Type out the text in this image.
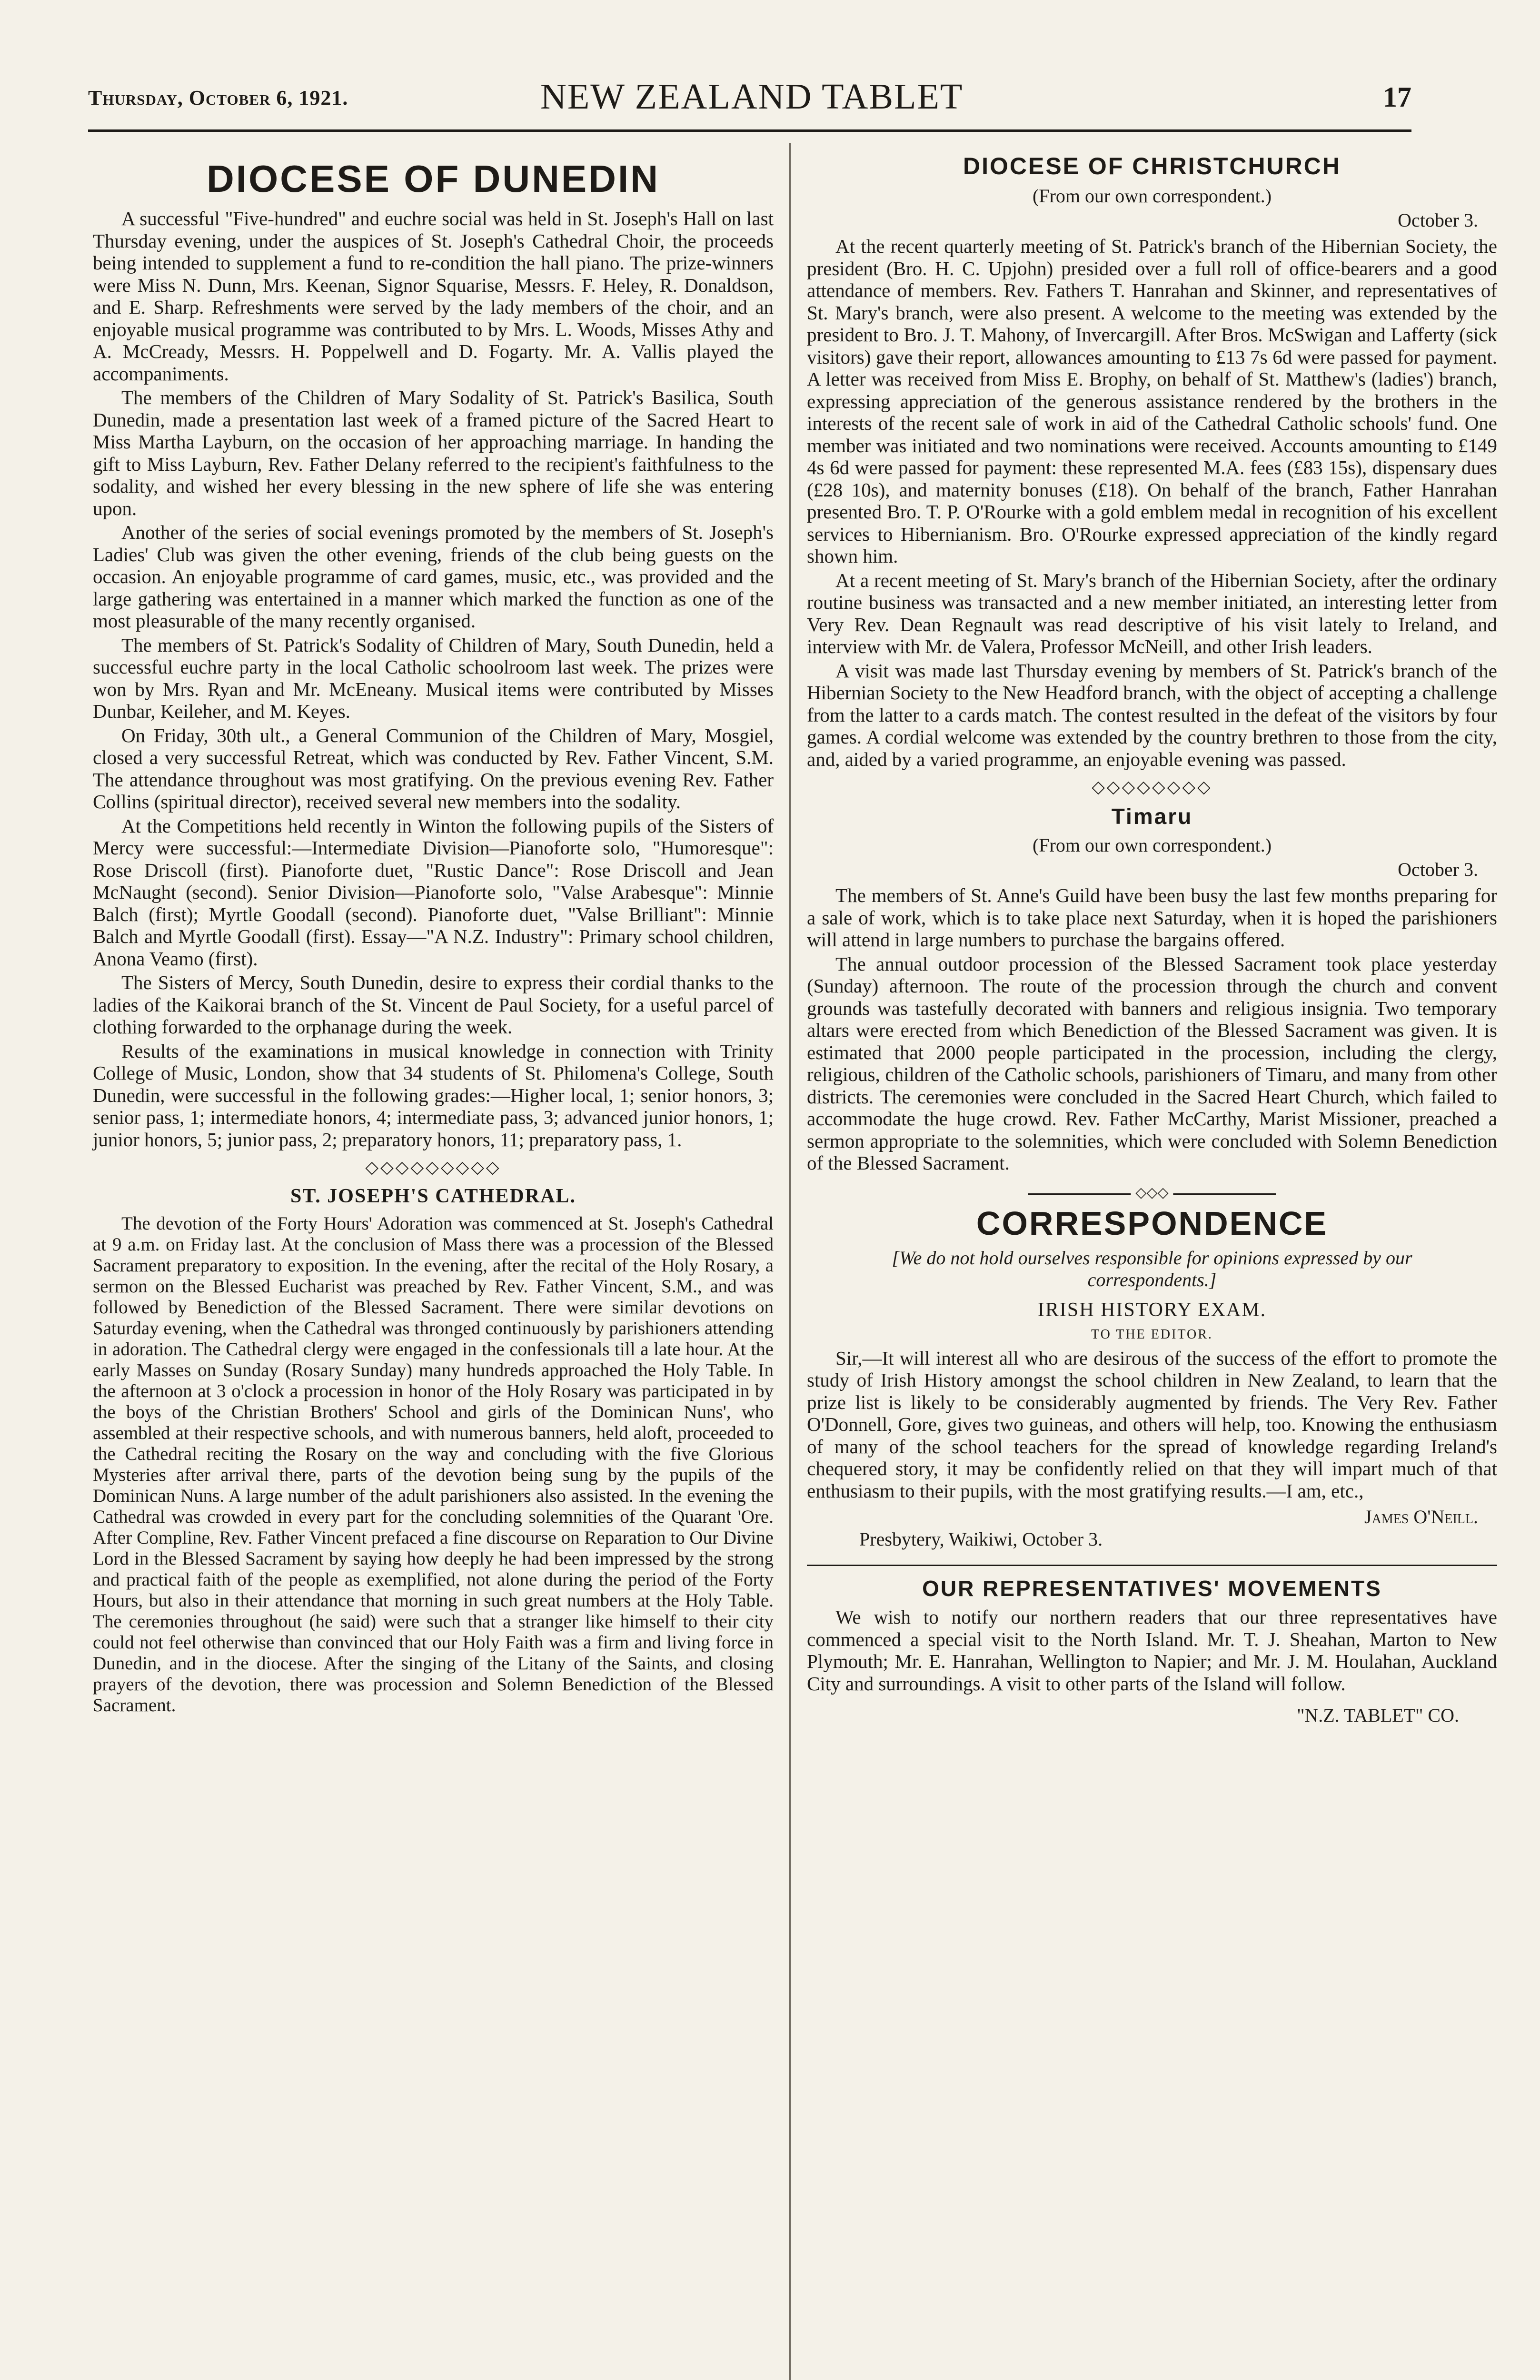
Thursday, October 6, 1921.	NEW ZEALAND TABLET	17
DIOCESE OF DUNEDIN

A successful "Five-hundred" and euchre social was held in St. Joseph's Hall on last Thursday evening, under the auspices of St. Joseph's Cathedral Choir, the proceeds being intended to supplement a fund to re-condition the hall piano. The prize-winners were Miss N. Dunn, Mrs. Keenan, Signor Squarise, Messrs. F. Heley, R. Donaldson, and E. Sharp. Refreshments were served by the lady members of the choir, and an enjoyable musical programme was contributed to by Mrs. L. Woods, Misses Athy and A. McCready, Messrs. H. Poppelwell and D. Fogarty. Mr. A. Vallis played the accompaniments.

The members of the Children of Mary Sodality of St. Patrick's Basilica, South Dunedin, made a presentation last week of a framed picture of the Sacred Heart to Miss Martha Layburn, on the occasion of her approaching marriage. In handing the gift to Miss Layburn, Rev. Father Delany referred to the recipient's faithfulness to the sodality, and wished her every blessing in the new sphere of life she was entering upon.

Another of the series of social evenings promoted by the members of St. Joseph's Ladies' Club was given the other evening, friends of the club being guests on the occasion. An enjoyable programme of card games, music, etc., was provided and the large gathering was entertained in a manner which marked the function as one of the most pleasurable of the many recently organised.

The members of St. Patrick's Sodality of Children of Mary, South Dunedin, held a successful euchre party in the local Catholic schoolroom last week. The prizes were won by Mrs. Ryan and Mr. McEneany. Musical items were contributed by Misses Dunbar, Keileher, and M. Keyes.

On Friday, 30th ult., a General Communion of the Children of Mary, Mosgiel, closed a very successful Retreat, which was conducted by Rev. Father Vincent, S.M. The attendance throughout was most gratifying. On the previous evening Rev. Father Collins (spiritual director), received several new members into the sodality.

At the Competitions held recently in Winton the following pupils of the Sisters of Mercy were successful:—Intermediate Division—Pianoforte solo, "Humoresque": Rose Driscoll (first). Pianoforte duet, "Rustic Dance": Rose Driscoll and Jean McNaught (second). Senior Division—Pianoforte solo, "Valse Arabesque": Minnie Balch (first); Myrtle Goodall (second). Pianoforte duet, "Valse Brilliant": Minnie Balch and Myrtle Goodall (first). Essay—"A N.Z. Industry": Primary school children, Anona Veamo (first).

The Sisters of Mercy, South Dunedin, desire to express their cordial thanks to the ladies of the Kaikorai branch of the St. Vincent de Paul Society, for a useful parcel of clothing forwarded to the orphanage during the week.

Results of the examinations in musical knowledge in connection with Trinity College of Music, London, show that 34 students of St. Philomena's College, South Dunedin, were successful in the following grades:—Higher local, 1; senior honors, 3; senior pass, 1; intermediate honors, 4; intermediate pass, 3; advanced junior honors, 1; junior honors, 5; junior pass, 2; preparatory honors, 11; preparatory pass, 1.

◇◇◇◇◇◇◇◇◇
ST. JOSEPH'S CATHEDRAL.

The devotion of the Forty Hours' Adoration was commenced at St. Joseph's Cathedral at 9 a.m. on Friday last. At the conclusion of Mass there was a procession of the Blessed Sacrament preparatory to exposition. In the evening, after the recital of the Holy Rosary, a sermon on the Blessed Eucharist was preached by Rev. Father Vincent, S.M., and was followed by Benediction of the Blessed Sacrament. There were similar devotions on Saturday evening, when the Cathedral was thronged continuously by parishioners attending in adoration. The Cathedral clergy were engaged in the confessionals till a late hour. At the early Masses on Sunday (Rosary Sunday) many hundreds approached the Holy Table. In the afternoon at 3 o'clock a procession in honor of the Holy Rosary was participated in by the boys of the Christian Brothers' School and girls of the Dominican Nuns', who assembled at their respective schools, and with numerous banners, held aloft, proceeded to the Cathedral reciting the Rosary on the way and concluding with the five Glorious Mysteries after arrival there, parts of the devotion being sung by the pupils of the Dominican Nuns. A large number of the adult parishioners also assisted. In the evening the Cathedral was crowded in every part for the concluding solemnities of the Quarant 'Ore. After Compline, Rev. Father Vincent prefaced a fine discourse on Reparation to Our Divine Lord in the Blessed Sacrament by saying how deeply he had been impressed by the strong and practical faith of the people as exemplified, not alone during the period of the Forty Hours, but also in their attendance that morning in such great numbers at the Holy Table. The ceremonies throughout (he said) were such that a stranger like himself to their city could not feel otherwise than convinced that our Holy Faith was a firm and living force in Dunedin, and in the diocese. After the singing of the Litany of the Saints, and closing prayers of the devotion, there was procession and Solemn Benediction of the Blessed Sacrament.

DIOCESE OF CHRISTCHURCH
(From our own correspondent.)
October 3.

At the recent quarterly meeting of St. Patrick's branch of the Hibernian Society, the president (Bro. H. C. Upjohn) presided over a full roll of office-bearers and a good attendance of members. Rev. Fathers T. Hanrahan and Skinner, and representatives of St. Mary's branch, were also present. A welcome to the meeting was extended by the president to Bro. J. T. Mahony, of Invercargill. After Bros. McSwigan and Lafferty (sick visitors) gave their report, allowances amounting to £13 7s 6d were passed for payment. A letter was received from Miss E. Brophy, on behalf of St. Matthew's (ladies') branch, expressing appreciation of the generous assistance rendered by the brothers in the interests of the recent sale of work in aid of the Cathedral Catholic schools' fund. One member was initiated and two nominations were received. Accounts amounting to £149 4s 6d were passed for payment: these represented M.A. fees (£83 15s), dispensary dues (£28 10s), and maternity bonuses (£18). On behalf of the branch, Father Hanrahan presented Bro. T. P. O'Rourke with a gold emblem medal in recognition of his excellent services to Hibernianism. Bro. O'Rourke expressed appreciation of the kindly regard shown him.

At a recent meeting of St. Mary's branch of the Hibernian Society, after the ordinary routine business was transacted and a new member initiated, an interesting letter from Very Rev. Dean Regnault was read descriptive of his visit lately to Ireland, and interview with Mr. de Valera, Professor McNeill, and other Irish leaders.

A visit was made last Thursday evening by members of St. Patrick's branch of the Hibernian Society to the New Headford branch, with the object of accepting a challenge from the latter to a cards match. The contest resulted in the defeat of the visitors by four games. A cordial welcome was extended by the country brethren to those from the city, and, aided by a varied programme, an enjoyable evening was passed.

◇◇◇◇◇◇◇◇
Timaru
(From our own correspondent.)
October 3.

The members of St. Anne's Guild have been busy the last few months preparing for a sale of work, which is to take place next Saturday, when it is hoped the parishioners will attend in large numbers to purchase the bargains offered.

The annual outdoor procession of the Blessed Sacrament took place yesterday (Sunday) afternoon. The route of the procession through the church and convent grounds was tastefully decorated with banners and religious insignia. Two temporary altars were erected from which Benediction of the Blessed Sacrament was given. It is estimated that 2000 people participated in the procession, including the clergy, religious, children of the Catholic schools, parishioners of Timaru, and many from other districts. The ceremonies were concluded in the Sacred Heart Church, which failed to accommodate the huge crowd. Rev. Father McCarthy, Marist Missioner, preached a sermon appropriate to the solemnities, which were concluded with Solemn Benediction of the Blessed Sacrament.

◇◇◇
CORRESPONDENCE
[We do not hold ourselves responsible for opinions expressed by our correspondents.]
IRISH HISTORY EXAM.
TO THE EDITOR.

Sir,—It will interest all who are desirous of the success of the effort to promote the study of Irish History amongst the school children in New Zealand, to learn that the prize list is likely to be considerably augmented by friends. The Very Rev. Father O'Donnell, Gore, gives two guineas, and others will help, too. Knowing the enthusiasm of many of the school teachers for the spread of knowledge regarding Ireland's chequered story, it may be confidently relied on that they will impart much of that enthusiasm to their pupils, with the most gratifying results.—I am, etc.,

James O'Neill.
Presbytery, Waikiwi, October 3.
OUR REPRESENTATIVES' MOVEMENTS

We wish to notify our northern readers that our three representatives have commenced a special visit to the North Island. Mr. T. J. Sheahan, Marton to New Plymouth; Mr. E. Hanrahan, Wellington to Napier; and Mr. J. M. Houlahan, Auckland City and surroundings. A visit to other parts of the Island will follow.

"N.Z. TABLET" CO.
